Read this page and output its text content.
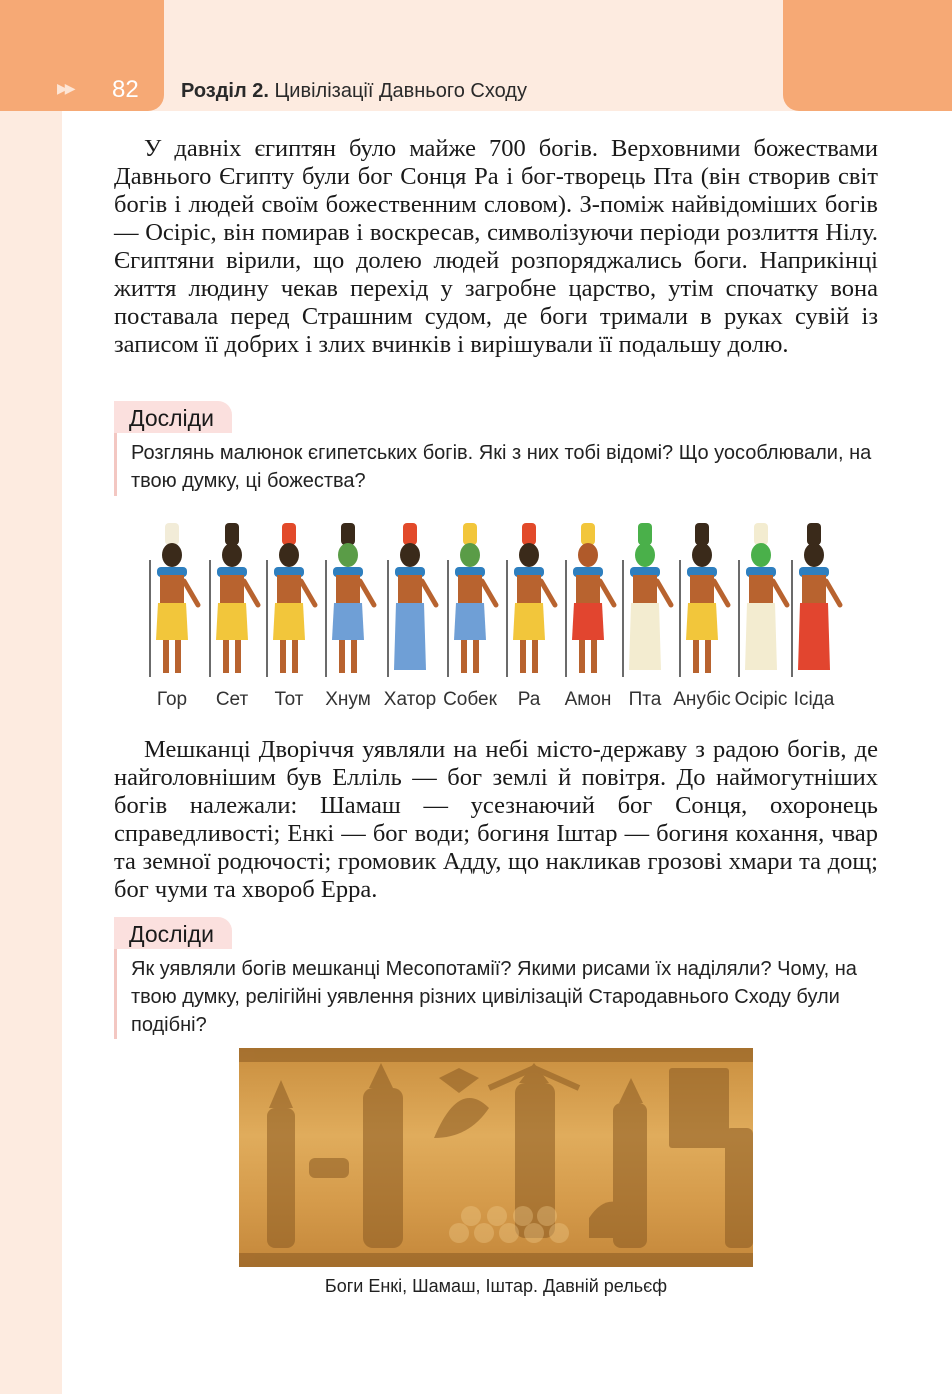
▶▶ 82 Розділ 2. Цивілізації Давнього Сходу

У давніх єгиптян було майже 700 богів. Верховними божествами Давнього Єгипту були бог Сонця Ра і бог-творець Пта (він створив світ богів і людей своїм божественним словом). З-поміж найвідоміших богів — Осіріс, він помирав і воскресав, символізуючи періоди розлиття Нілу. Єгиптяни вірили, що долею людей розпоряджались боги. Наприкінці життя людину чекав перехід у загробне царство, утім спочатку вона поставала перед Страшним судом, де боги тримали в руках сувій із записом її добрих і злих вчинків і вирішували її подальшу долю.

Досліди
Розглянь малюнок єгипетських богів. Які з них тобі відомі? Що уособлювали, на твою думку, ці божества?
Гор Сет Тот Хнум Хатор Собек Ра Амон Пта Анубіс Осіріс Ісіда

Мешканці Дворіччя уявляли на небі місто-державу з радою богів, де найголовнішим був Елліль — бог землі й повітря. До наймогутніших богів належали: Шамаш — усезнаючий бог Сонця, охоронець справедливості; Енкі — бог води; богиня Іштар — богиня кохання, чвар та земної родючості; громовик Адду, що накликав грозові хмари та дощ; бог чуми та хвороб Ерра.

Досліди
Як уявляли богів мешканці Месопотамії? Якими рисами їх наділяли? Чому, на твою думку, релігійні уявлення різних цивілізацій Стародавнього Сходу були подібні?
Боги Енкі, Шамаш, Іштар. Давній рельєф
